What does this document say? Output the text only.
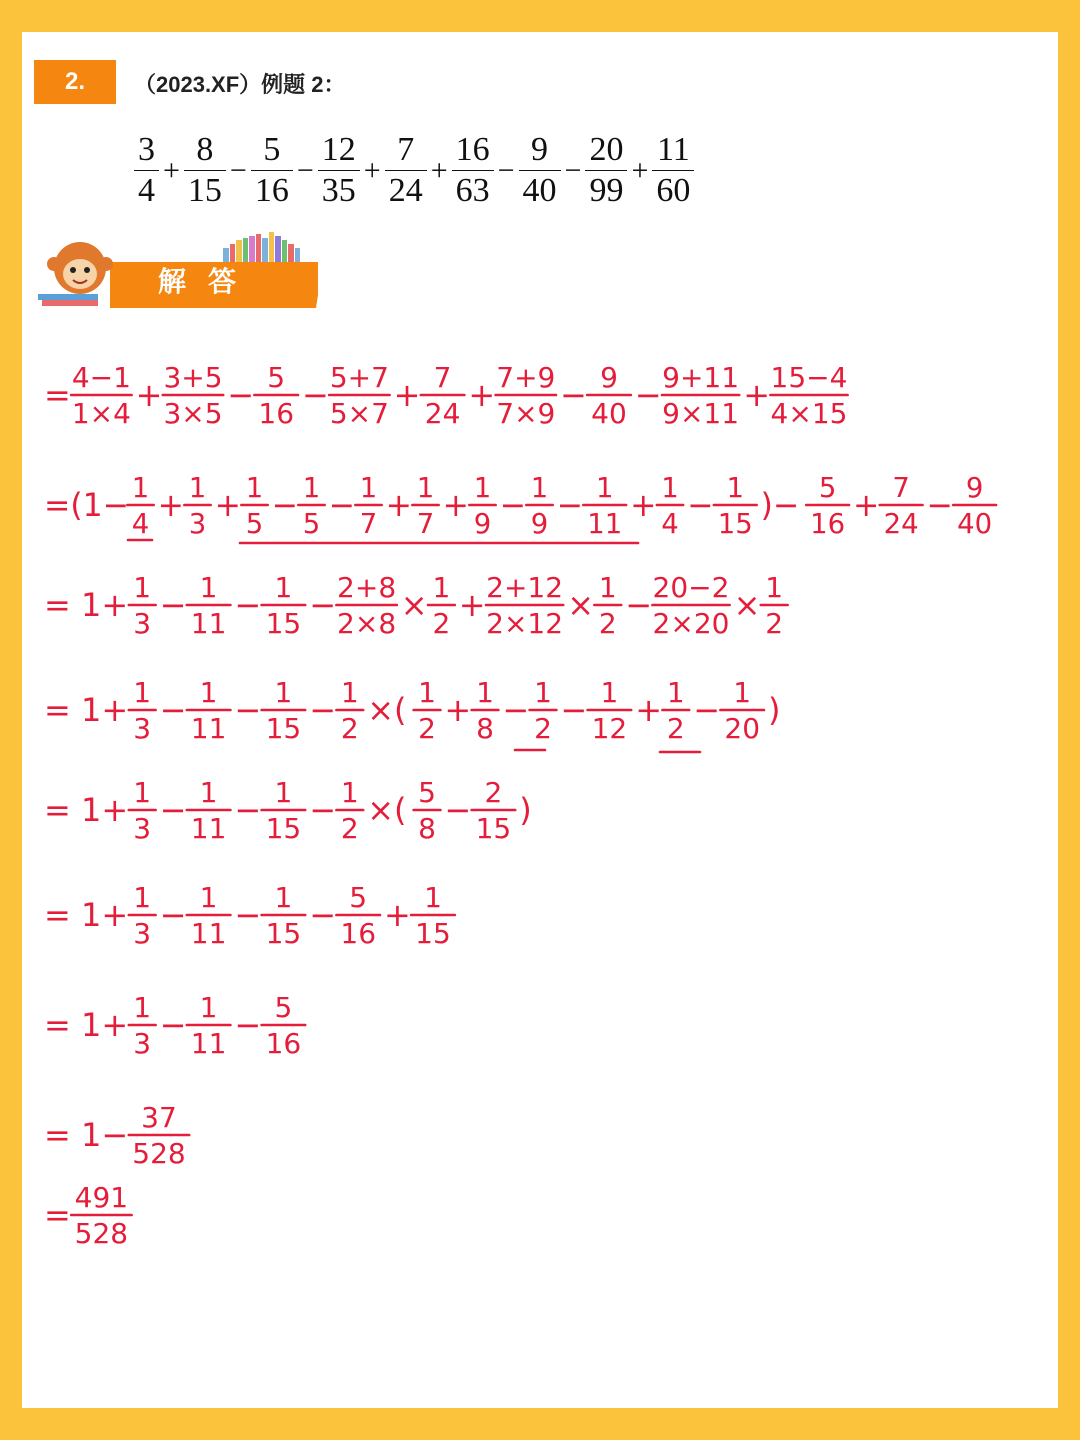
2.	（2023.XF）例题 2：
$\frac{3}{4} + \frac{8}{15} - \frac{5}{16} - \frac{12}{35} + \frac{7}{24} + \frac{16}{63} - \frac{9}{40} - \frac{20}{99} + \frac{11}{60}$
解答
= 4−1
1×4 + 3+5
3×5 − 5
16 − 5+7
5×7 + 7
24 + 7+9
7×9 − 9
40 − 9+11
9×11 + 15−4
4×15
=(1−
1
4 +
1
3 +
1
5 −
1
5 −
1
7 +
1
7 +
1
9 −
1
9 −
1
11 +
1
4 −
1
15 )−
5
16 +
7
24 −
9
40
= 1+ 1
3 − 1
11 − 1
15 − 2+8
2×8 × 1
2 + 2+12
2×12 × 1
2 − 20−2
2×20 × 1
2
= 1+ 1
3 − 1
11 − 1
15 − 1
2 ×( 1
2 + 1
8 − 1
2 − 1
12 + 1
2 − 1
20 )
= 1+ 1
3 − 1
11 − 1
15 − 1
2 ×( 5
8 − 2
15 )
= 1+ 1
3 − 1
11 − 1
15 − 5
16 + 1
15
= 1+ 1
3 − 1
11 − 5
16
= 1− 37
528
= 491
528
